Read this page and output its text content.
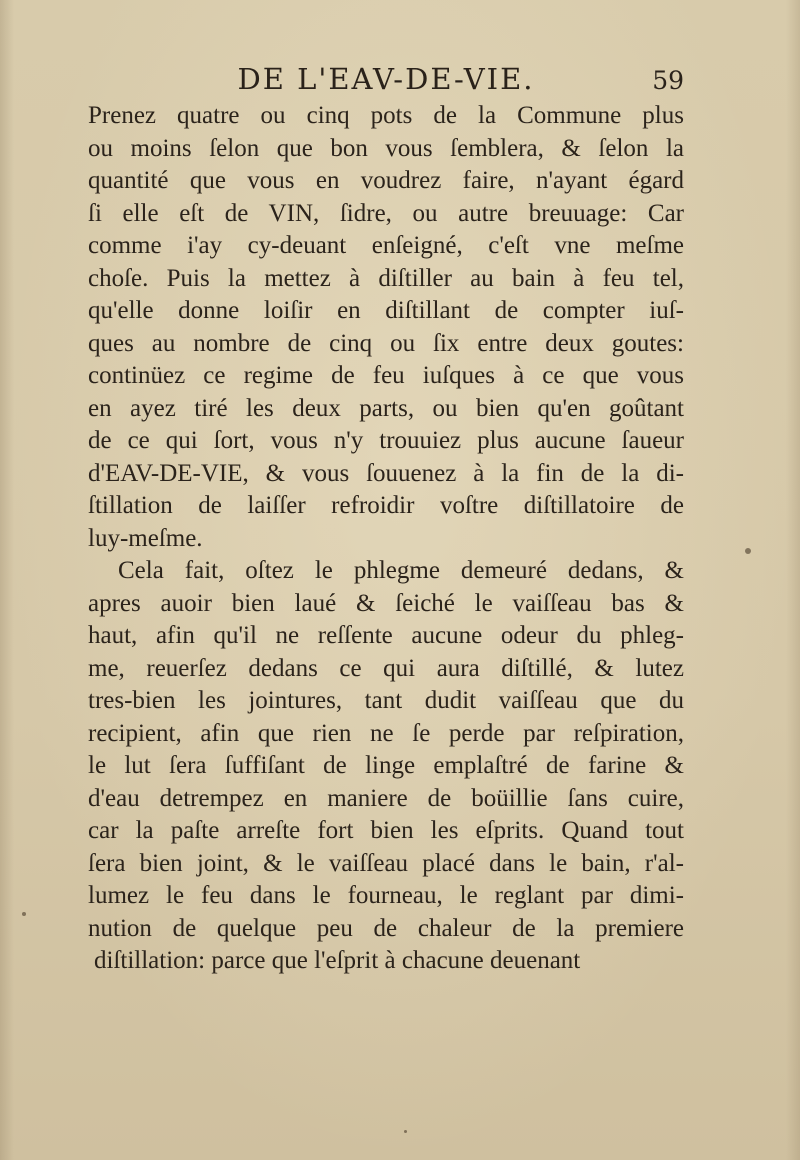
DE L'EAV-DE-VIE.	59
Prenez quatre ou cinq pots de la Commune plus
ou moins ſelon que bon vous ſemblera, & ſelon la
quantité que vous en voudrez faire, n'ayant égard
ſi elle eſt de VIN, ſidre, ou autre breuuage: Car
comme i'ay cy-deuant enſeigné, c'eſt vne meſme
choſe. Puis la mettez à diſtiller au bain à feu tel,
qu'elle donne loiſir en diſtillant de compter iuſ-
ques au nombre de cinq ou ſix entre deux goutes:
continüez ce regime de feu iuſques à ce que vous
en ayez tiré les deux parts, ou bien qu'en goûtant
de ce qui ſort, vous n'y trouuiez plus aucune ſaueur
d'EAV-DE-VIE, & vous ſouuenez à la fin de la di-
ſtillation de laiſſer refroidir voſtre diſtillatoire de
luy-meſme.
Cela fait, oſtez le phlegme demeuré dedans, &
apres auoir bien laué & ſeiché le vaiſſeau bas &
haut, afin qu'il ne reſſente aucune odeur du phleg-
me, reuerſez dedans ce qui aura diſtillé, & lutez
tres-bien les jointures, tant dudit vaiſſeau que du
recipient, afin que rien ne ſe perde par reſpiration,
le lut ſera ſuffiſant de linge emplaſtré de farine &
d'eau detrempez en maniere de boüillie ſans cuire,
car la paſte arreſte fort bien les eſprits. Quand tout
ſera bien joint, & le vaiſſeau placé dans le bain, r'al-
lumez le feu dans le fourneau, le reglant par dimi-
nution de quelque peu de chaleur de la premiere
diſtillation: parce que l'eſprit à chacune deuenant
